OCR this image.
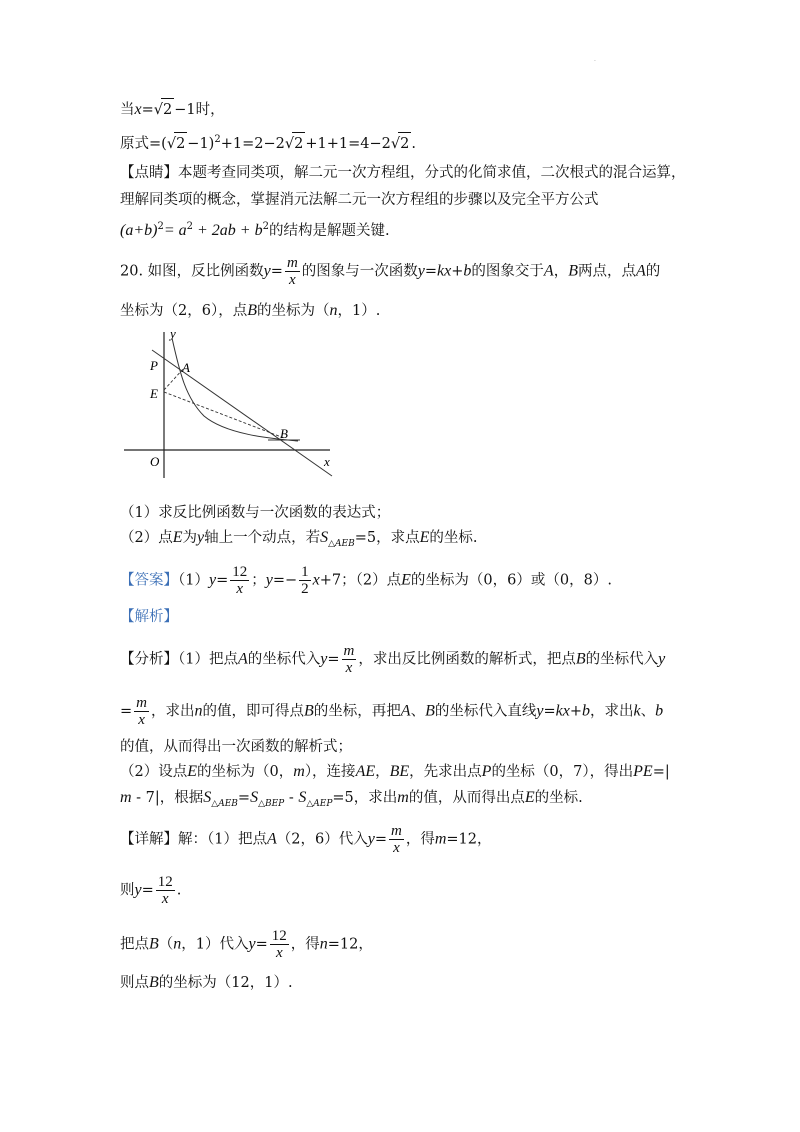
.
当x=√2 −1时，
原式$=(√2 -1)^2+1=2-2√2 +1+1=4-2√2$ .
【点睛】本题考查同类项，解二元一次方程组，分式的化简求值，二次根式的混合运算，
理解同类项的概念，掌握消元法解二元一次方程组的步骤以及完全平方公式
$(a+b)^2= a^2 + 2ab + b^2$的结构是解题关键.
20. 如图，反比例函数$y= \frac{m}{x}$ 的图象与一次函数y=kx+b的图象交于A，B两点，点A的
坐标为（2，6），点B的坐标为（n，1）.
y
x
O
P A
E
B
（1）求反比例函数与一次函数的表达式；
（2）点E为y轴上一个动点，若$S_{\triangle AEB}=5$，求点E的坐标.
【答案】$(1)y= \frac{12}{x}$ ；$y=- \frac{1}{2} x+7$；（2）点E的坐标为（0，6）或（0，8）.
【解析】
【分析】（1）把点A的坐标代入$y= \frac{m}{x}$ ，求出反比例函数的解析式，把点B的坐标代入y
= $\frac{m}{x}$ ，求出n的值，即可得点B的坐标，再把A、B的坐标代入直线y=kx+b，求出k、b
的值，从而得出一次函数的解析式；
（2）设点E的坐标为（0，m），连接AE，BE，先求出点P的坐标（0，7），得出PE=|
m - 7|，根据$S_{\triangle AEB}=S_{\triangle BEP} - S_{\triangle AEP}=5$，求出m的值，从而得出点E的坐标.
【详解】解：（1）把点A（2，6）代入$y= \frac{m}{x}$ ，得m=12，
则$y= \frac{12}{x}$ .
把点B（n，1）代入$y= \frac{12}{x}$ ，得n=12，
则点B的坐标为（12，1）.
